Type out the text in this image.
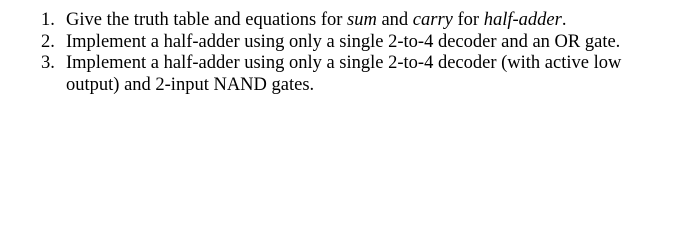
1. Give the truth table and equations for sum and carry for half-adder.
2. Implement a half-adder using only a single 2-to-4 decoder and an OR gate.
3. Implement a half-adder using only a single 2-to-4 decoder (with active low
output) and 2-input NAND gates.
